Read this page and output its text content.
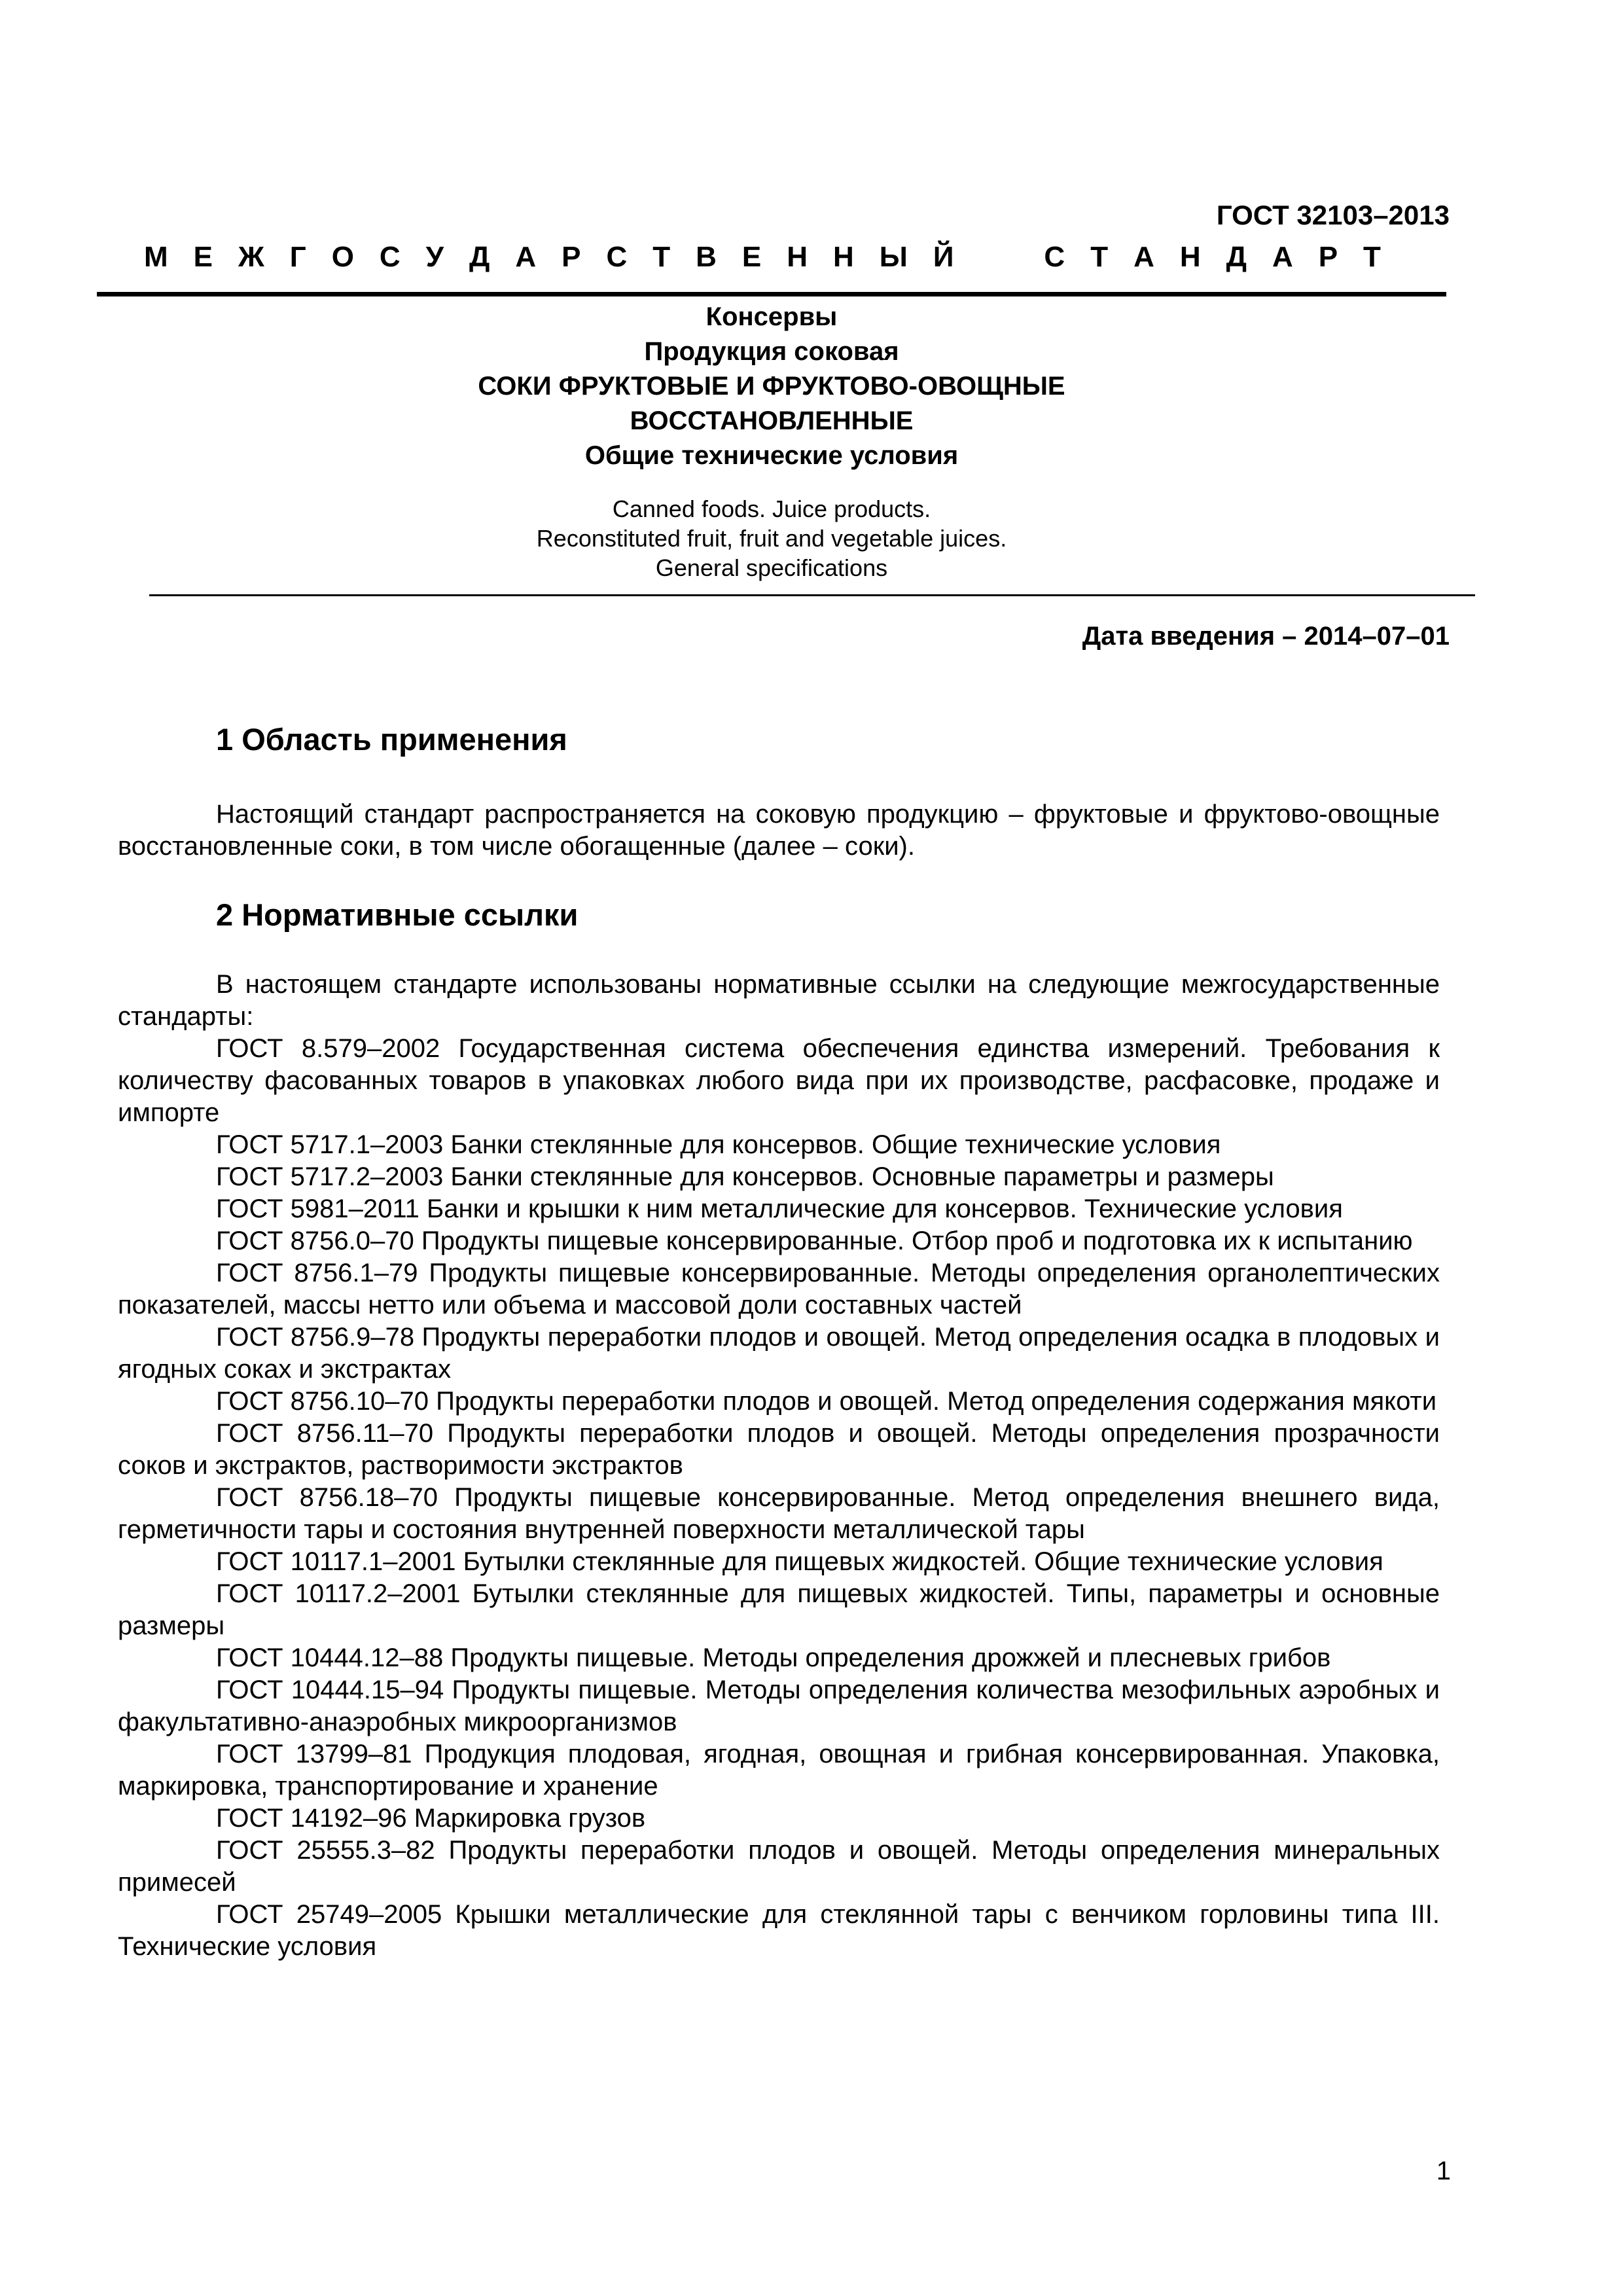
ГОСТ 32103–2013
М Е Ж Г О С У Д А Р С Т В Е Н Н Ы Й	С Т А Н Д А Р Т
Консервы
Продукция соковая
СОКИ ФРУКТОВЫЕ И ФРУКТОВО-ОВОЩНЫЕ
ВОССТАНОВЛЕННЫЕ
Общие технические условия
Canned foods. Juice products.
Reconstituted fruit, fruit and vegetable juices.
General specifications
Дата введения – 2014–07–01
1 Область применения

Настоящий стандарт распространяется на соковую продукцию – фруктовые и фруктово-овощные восстановленные соки, в том числе обогащенные (далее – соки).

2 Нормативные ссылки

В настоящем стандарте использованы нормативные ссылки на следующие межгосударственные стандарты:

ГОСТ 8.579–2002 Государственная система обеспечения единства измерений. Требования к количеству фасованных товаров в упаковках любого вида при их производстве, расфасовке, продаже и импорте

ГОСТ 5717.1–2003 Банки стеклянные для консервов. Общие технические условия

ГОСТ 5717.2–2003 Банки стеклянные для консервов. Основные параметры и размеры

ГОСТ 5981–2011 Банки и крышки к ним металлические для консервов. Технические условия

ГОСТ 8756.0–70 Продукты пищевые консервированные. Отбор проб и подготовка их к испытанию

ГОСТ 8756.1–79 Продукты пищевые консервированные. Методы определения органолептических показателей, массы нетто или объема и массовой доли составных частей

ГОСТ 8756.9–78 Продукты переработки плодов и овощей. Метод определения осадка в плодовых и ягодных соках и экстрактах

ГОСТ 8756.10–70 Продукты переработки плодов и овощей. Метод определения содержания мякоти

ГОСТ 8756.11–70 Продукты переработки плодов и овощей. Методы определения прозрачности соков и экстрактов, растворимости экстрактов

ГОСТ 8756.18–70 Продукты пищевые консервированные. Метод определения внешнего вида, герметичности тары и состояния внутренней поверхности металлической тары

ГОСТ 10117.1–2001 Бутылки стеклянные для пищевых жидкостей. Общие технические условия

ГОСТ 10117.2–2001 Бутылки стеклянные для пищевых жидкостей. Типы, параметры и основные размеры

ГОСТ 10444.12–88 Продукты пищевые. Методы определения дрожжей и плесневых грибов

ГОСТ 10444.15–94 Продукты пищевые. Методы определения количества мезофильных аэробных и факультативно-анаэробных микроорганизмов

ГОСТ 13799–81 Продукция плодовая, ягодная, овощная и грибная консервированная. Упаковка, маркировка, транспортирование и хранение

ГОСТ 14192–96 Маркировка грузов

ГОСТ 25555.3–82 Продукты переработки плодов и овощей. Методы определения минеральных примесей

ГОСТ 25749–2005 Крышки металлические для стеклянной тары с венчиком горловины типа III. Технические условия

1
